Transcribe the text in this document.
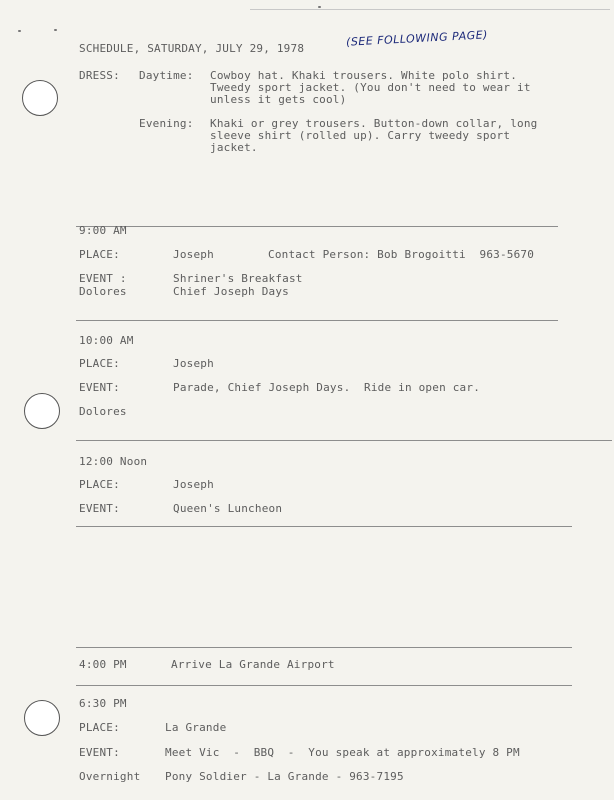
SCHEDULE, SATURDAY, JULY 29, 1978	(SEE FOLLOWING PAGE)
DRESS: Daytime: Cowboy hat. Khaki trousers. White polo shirt.
Tweedy sport jacket. (You don't need to wear it
unless it gets cool)
Evening: Khaki or grey trousers. Button-down collar, long
sleeve shirt (rolled up). Carry tweedy sport
jacket.
9:00 AM
PLACE:	Joseph	Contact Person: Bob Brogoitti  963-5670
EVENT :	Shriner's Breakfast
Dolores	Chief Joseph Days
10:00 AM
PLACE:	Joseph
EVENT:	Parade, Chief Joseph Days.  Ride in open car.
Dolores
12:00 Noon
PLACE:	Joseph
EVENT:	Queen's Luncheon
4:00 PM	Arrive La Grande Airport
6:30 PM
PLACE:	La Grande
EVENT:	Meet Vic  -  BBQ  -  You speak at approximately 8 PM
Overnight Pony Soldier - La Grande - 963-7195
